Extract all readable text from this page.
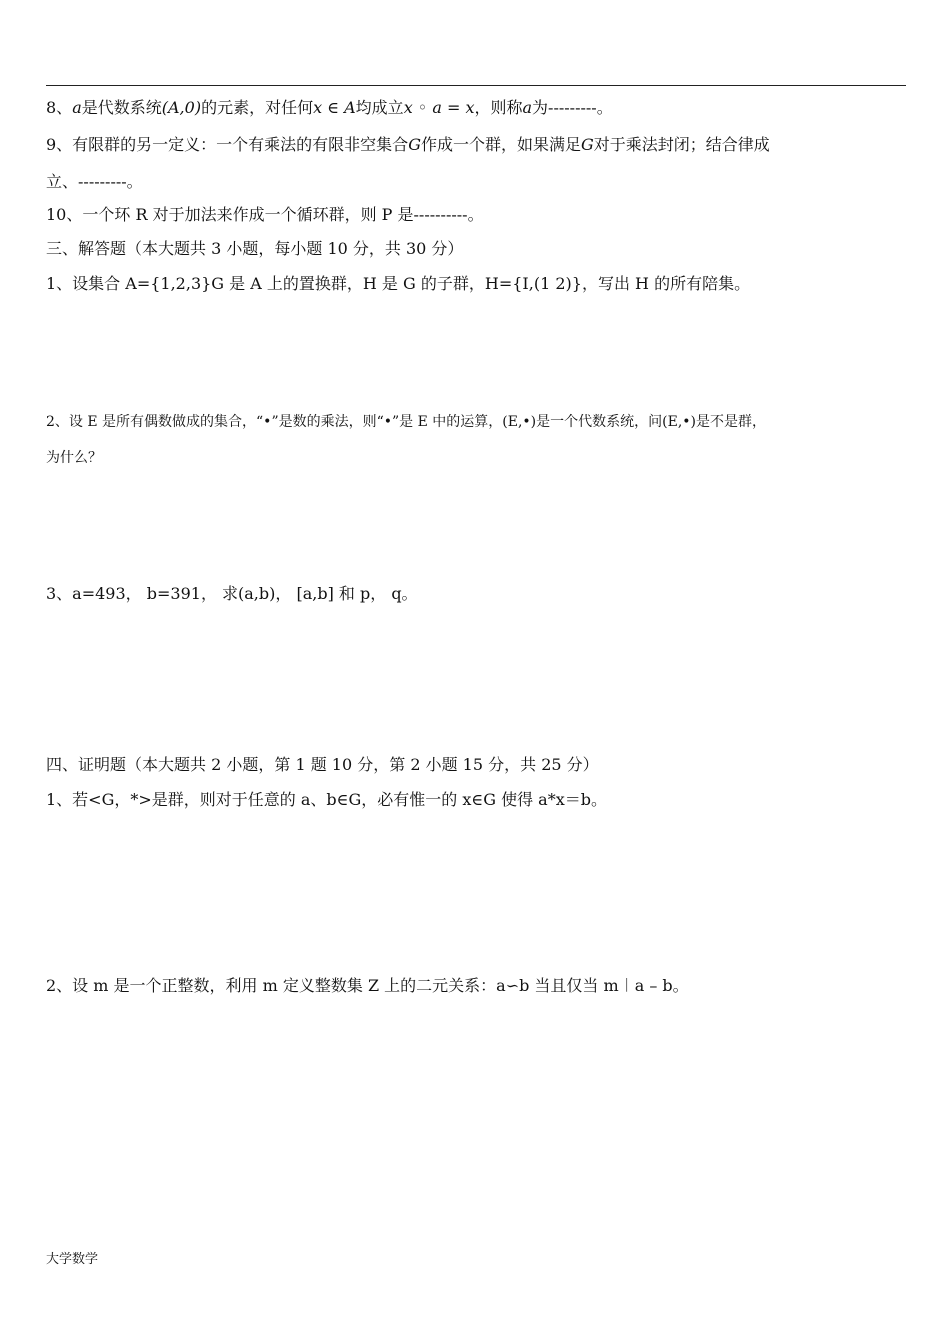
8、a是代数系统(A,0)的元素，对任何x ∈ A均成立x ◦ a = x，则称a为---------。
9、有限群的另一定义：一个有乘法的有限非空集合G作成一个群，如果满足G对于乘法封闭；结合律成
立、---------。
10、一个环 R 对于加法来作成一个循环群，则 P 是----------。
三、解答题（本大题共 3 小题，每小题 10 分，共 30 分）
1、设集合 A={1,2,3}G 是 A 上的置换群，H 是 G 的子群，H={I,(1 2)}，写出 H 的所有陪集。
2、设 E 是所有偶数做成的集合，“•”是数的乘法，则“•”是 E 中的运算，(E,•)是一个代数系统，问(E,•)是不是群，
为什么？
3、a=493， b=391， 求(a,b)， [a,b] 和 p， q。
四、证明题（本大题共 2 小题，第 1 题 10 分，第 2 小题 15 分，共 25 分）
1、若<G，*>是群，则对于任意的 a、b∈G，必有惟一的 x∈G 使得 a*x＝b。
2、设 m 是一个正整数，利用 m 定义整数集 Z 上的二元关系：a∽b 当且仅当 m︱a – b。
大学数学
